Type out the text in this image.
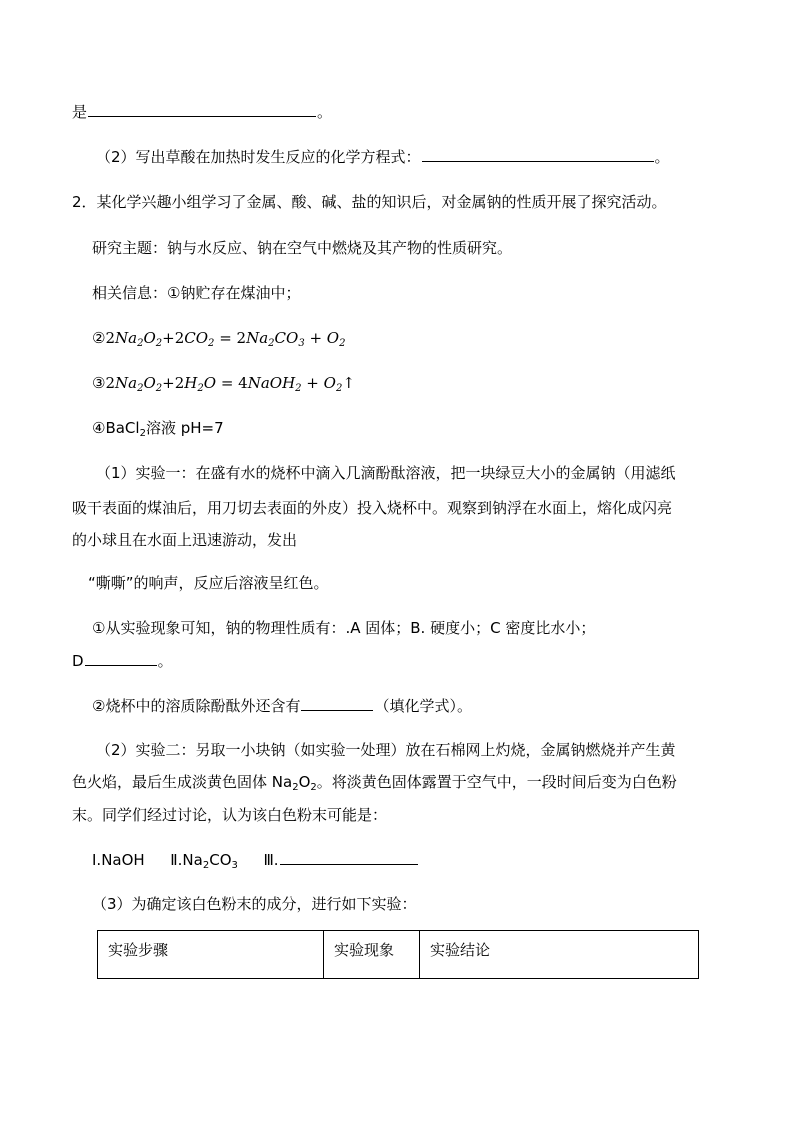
是	。
（2）写出草酸在加热时发生反应的化学方程式：	。
2．某化学兴趣小组学习了金属、酸、碱、盐的知识后，对金属钠的性质开展了探究活动。
研究主题：钠与水反应、钠在空气中燃烧及其产物的性质研究。
相关信息：①钠贮存在煤油中；
$②2Na_2O_2+2CO_2 = 2Na_2CO_3 + O_2$
$③2Na_2O_2+2H_2O$ = 4NaOH$_2$ + $O_2↑$
④BaCl$_2$溶液 pH=7
（1）实验一：在盛有水的烧杯中滴入几滴酚酞溶液，把一块绿豆大小的金属钠（用滤纸
吸干表面的煤油后，用刀切去表面的外皮）投入烧杯中。观察到钠浮在水面上，熔化成闪亮
的小球且在水面上迅速游动，发出
“嘶嘶”的响声，反应后溶液呈红色。
①从实验现象可知，钠的物理性质有：.A 固体；B. 硬度小；C 密度比水小；
D	。
②烧杯中的溶质除酚酞外还含有	（填化学式）。
（2）实验二：另取一小块钠（如实验一处理）放在石棉网上灼烧，金属钠燃烧并产生黄
色火焰，最后生成淡黄色固体 $Na_2O_2$。将淡黄色固体露置于空气中，一段时间后变为白色粉
末。同学们经过讨论，认为该白色粉末可能是：
Ⅰ.NaOH $Ⅱ.Na_2CO_3$ Ⅲ.
（3）为确定该白色粉末的成分，进行如下实验：
实验步骤	实验现象	实验结论
